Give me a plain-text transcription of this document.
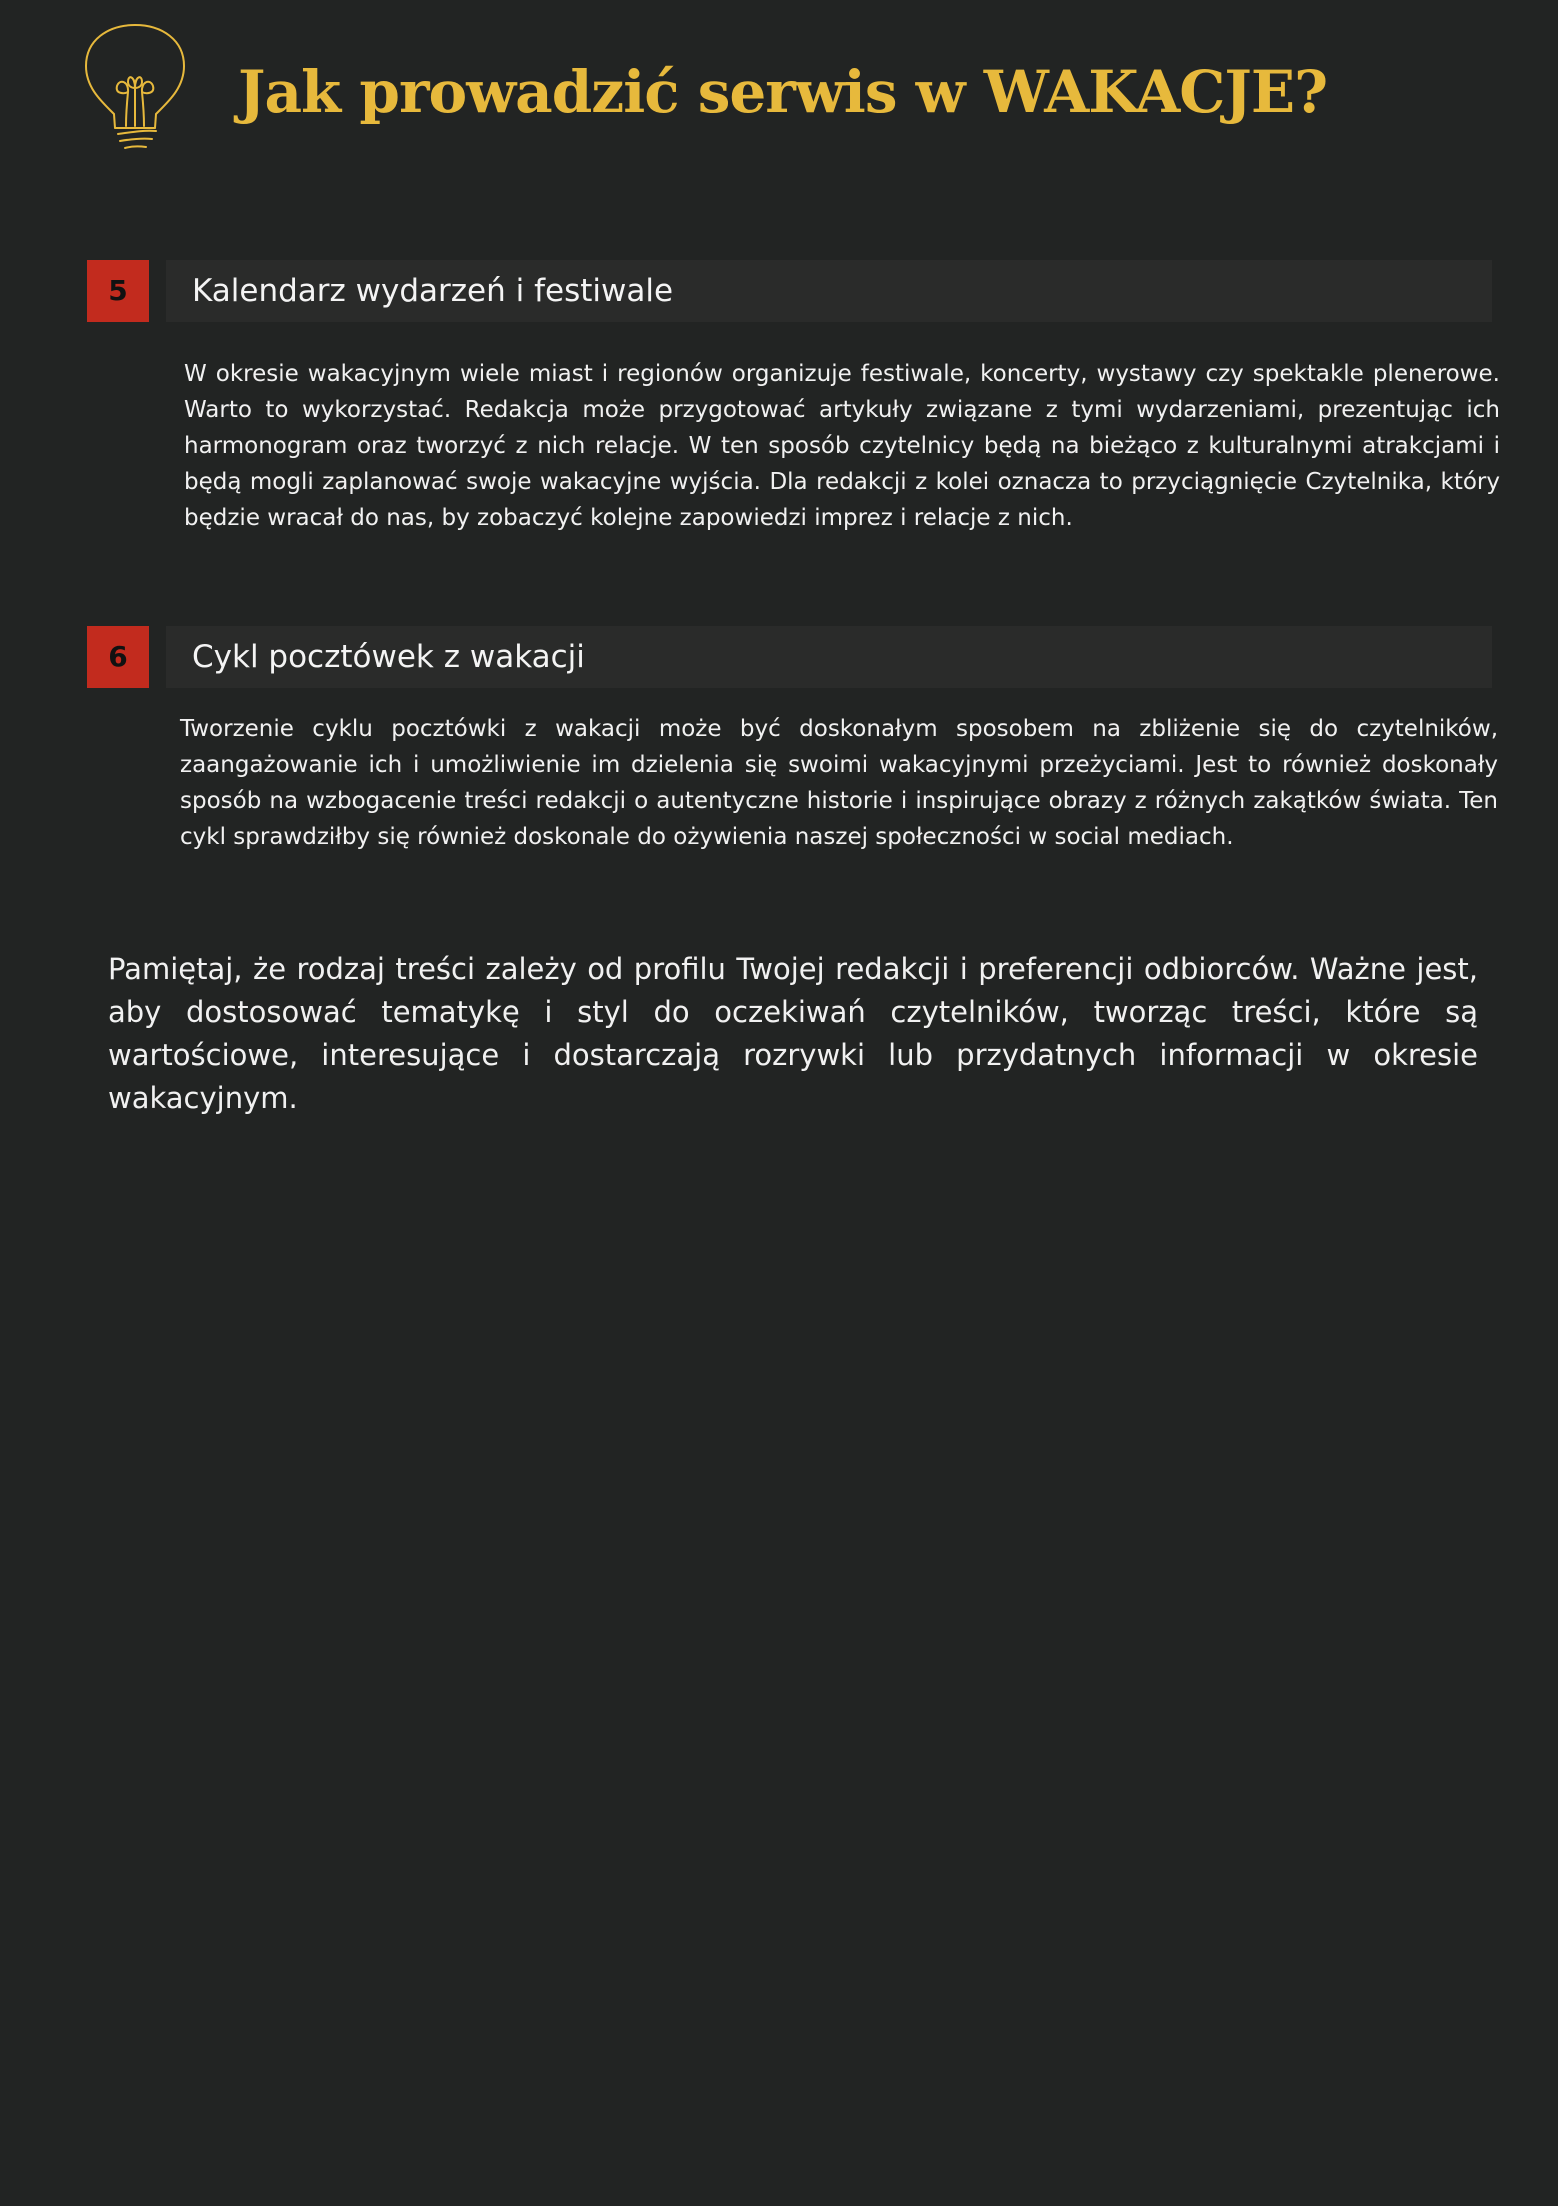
Jak prowadzić serwis w WAKACJE?
5	Kalendarz wydarzeń i festiwale

W okresie wakacyjnym wiele miast i regionów organizuje festiwale, koncerty, wystawy czy spektakle plenerowe. Warto to wykorzystać. Redakcja może przygotować artykuły związane z tymi wydarzeniami, prezentując ich harmonogram oraz tworzyć z nich relacje. W ten sposób czytelnicy będą na bieżąco z kulturalnymi atrakcjami i będą mogli zaplanować swoje wakacyjne wyjścia. Dla redakcji z kolei oznacza to przyciągnięcie Czytelnika, który będzie wracał do nas, by zobaczyć kolejne zapowiedzi imprez i relacje z nich.

6	Cykl pocztówek z wakacji

Tworzenie cyklu pocztówki z wakacji może być doskonałym sposobem na zbliżenie się do czytelników, zaangażowanie ich i umożliwienie im dzielenia się swoimi wakacyjnymi przeżyciami. Jest to również doskonały sposób na wzbogacenie treści redakcji o autentyczne historie i inspirujące obrazy z różnych zakątków świata. Ten cykl sprawdziłby się również doskonale do ożywienia naszej społeczności w social mediach.

Pamiętaj, że rodzaj treści zależy od profilu Twojej redakcji i preferencji odbiorców. Ważne jest, aby dostosować tematykę i styl do oczekiwań czytelników, tworząc treści, które są wartościowe, interesujące i dostarczają rozrywki lub przydatnych informacji w okresie wakacyjnym.
